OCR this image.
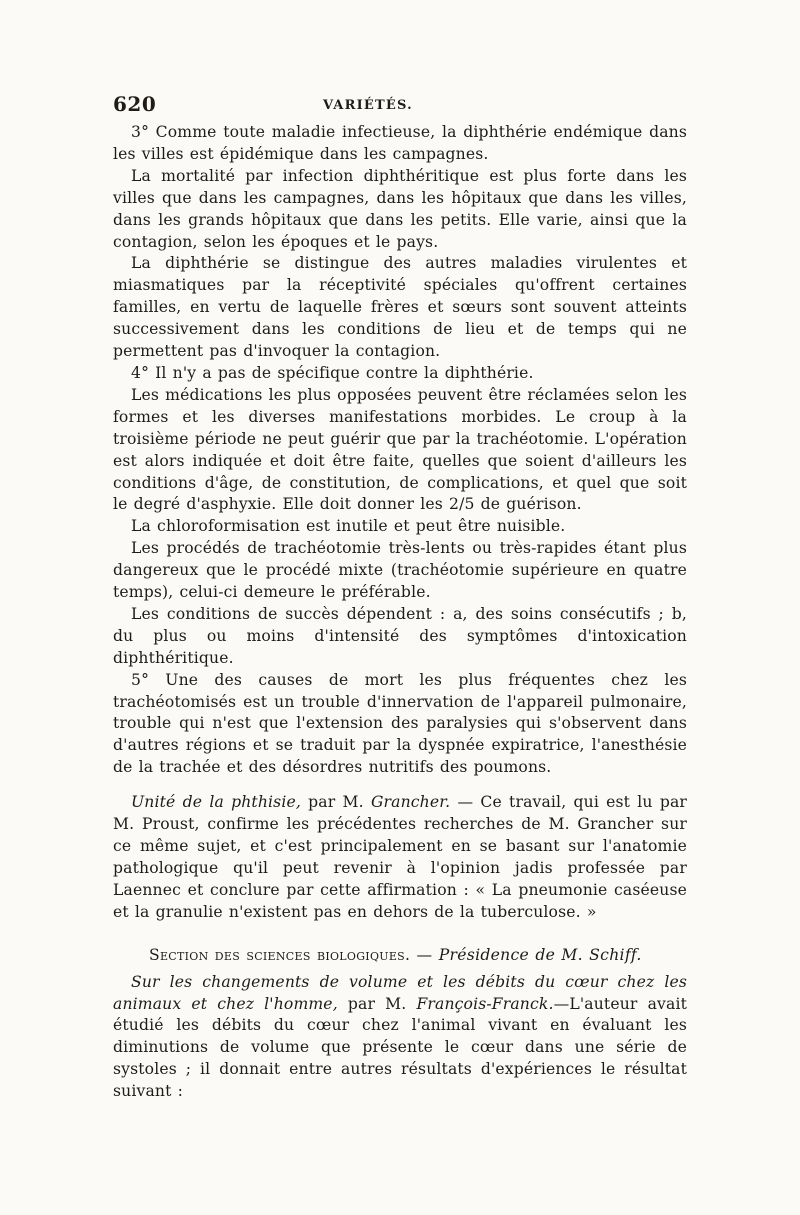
620	VARIÉTÉS.

3° Comme toute maladie infectieuse, la diphthérie endémique dans les villes est épidémique dans les campagnes.

La mortalité par infection diphthéritique est plus forte dans les villes que dans les campagnes, dans les hôpitaux que dans les villes, dans les grands hôpitaux que dans les petits. Elle varie, ainsi que la contagion, selon les époques et le pays.

La diphthérie se distingue des autres maladies virulentes et miasmatiques par la réceptivité spéciales qu'offrent certaines familles, en vertu de laquelle frères et sœurs sont souvent atteints successivement dans les conditions de lieu et de temps qui ne permettent pas d'invoquer la contagion.

4° Il n'y a pas de spécifique contre la diphthérie.

Les médications les plus opposées peuvent être réclamées selon les formes et les diverses manifestations morbides. Le croup à la troisième période ne peut guérir que par la trachéotomie. L'opération est alors indiquée et doit être faite, quelles que soient d'ailleurs les conditions d'âge, de constitution, de complications, et quel que soit le degré d'asphyxie. Elle doit donner les 2/5 de guérison.

La chloroformisation est inutile et peut être nuisible.

Les procédés de trachéotomie très-lents ou très-rapides étant plus dangereux que le procédé mixte (trachéotomie supérieure en quatre temps), celui-ci demeure le préférable.

Les conditions de succès dépendent : a, des soins consécutifs ; b, du plus ou moins d'intensité des symptômes d'intoxication diphthéritique.

5° Une des causes de mort les plus fréquentes chez les trachéotomisés est un trouble d'innervation de l'appareil pulmonaire, trouble qui n'est que l'extension des paralysies qui s'observent dans d'autres régions et se traduit par la dyspnée expiratrice, l'anesthésie de la trachée et des désordres nutritifs des poumons.

Unité de la phthisie, par M. Grancher. — Ce travail, qui est lu par M. Proust, confirme les précédentes recherches de M. Grancher sur ce même sujet, et c'est principalement en se basant sur l'anatomie pathologique qu'il peut revenir à l'opinion jadis professée par Laennec et conclure par cette affirmation : « La pneumonie caséeuse et la granulie n'existent pas en dehors de la tuberculose. »

Section des sciences biologiques. — Présidence de M. Schiff.

Sur les changements de volume et les débits du cœur chez les animaux et chez l'homme, par M. François-Franck.—L'auteur avait étudié les débits du cœur chez l'animal vivant en évaluant les diminutions de volume que présente le cœur dans une série de systoles ; il donnait entre autres résultats d'expériences le résultat suivant :
